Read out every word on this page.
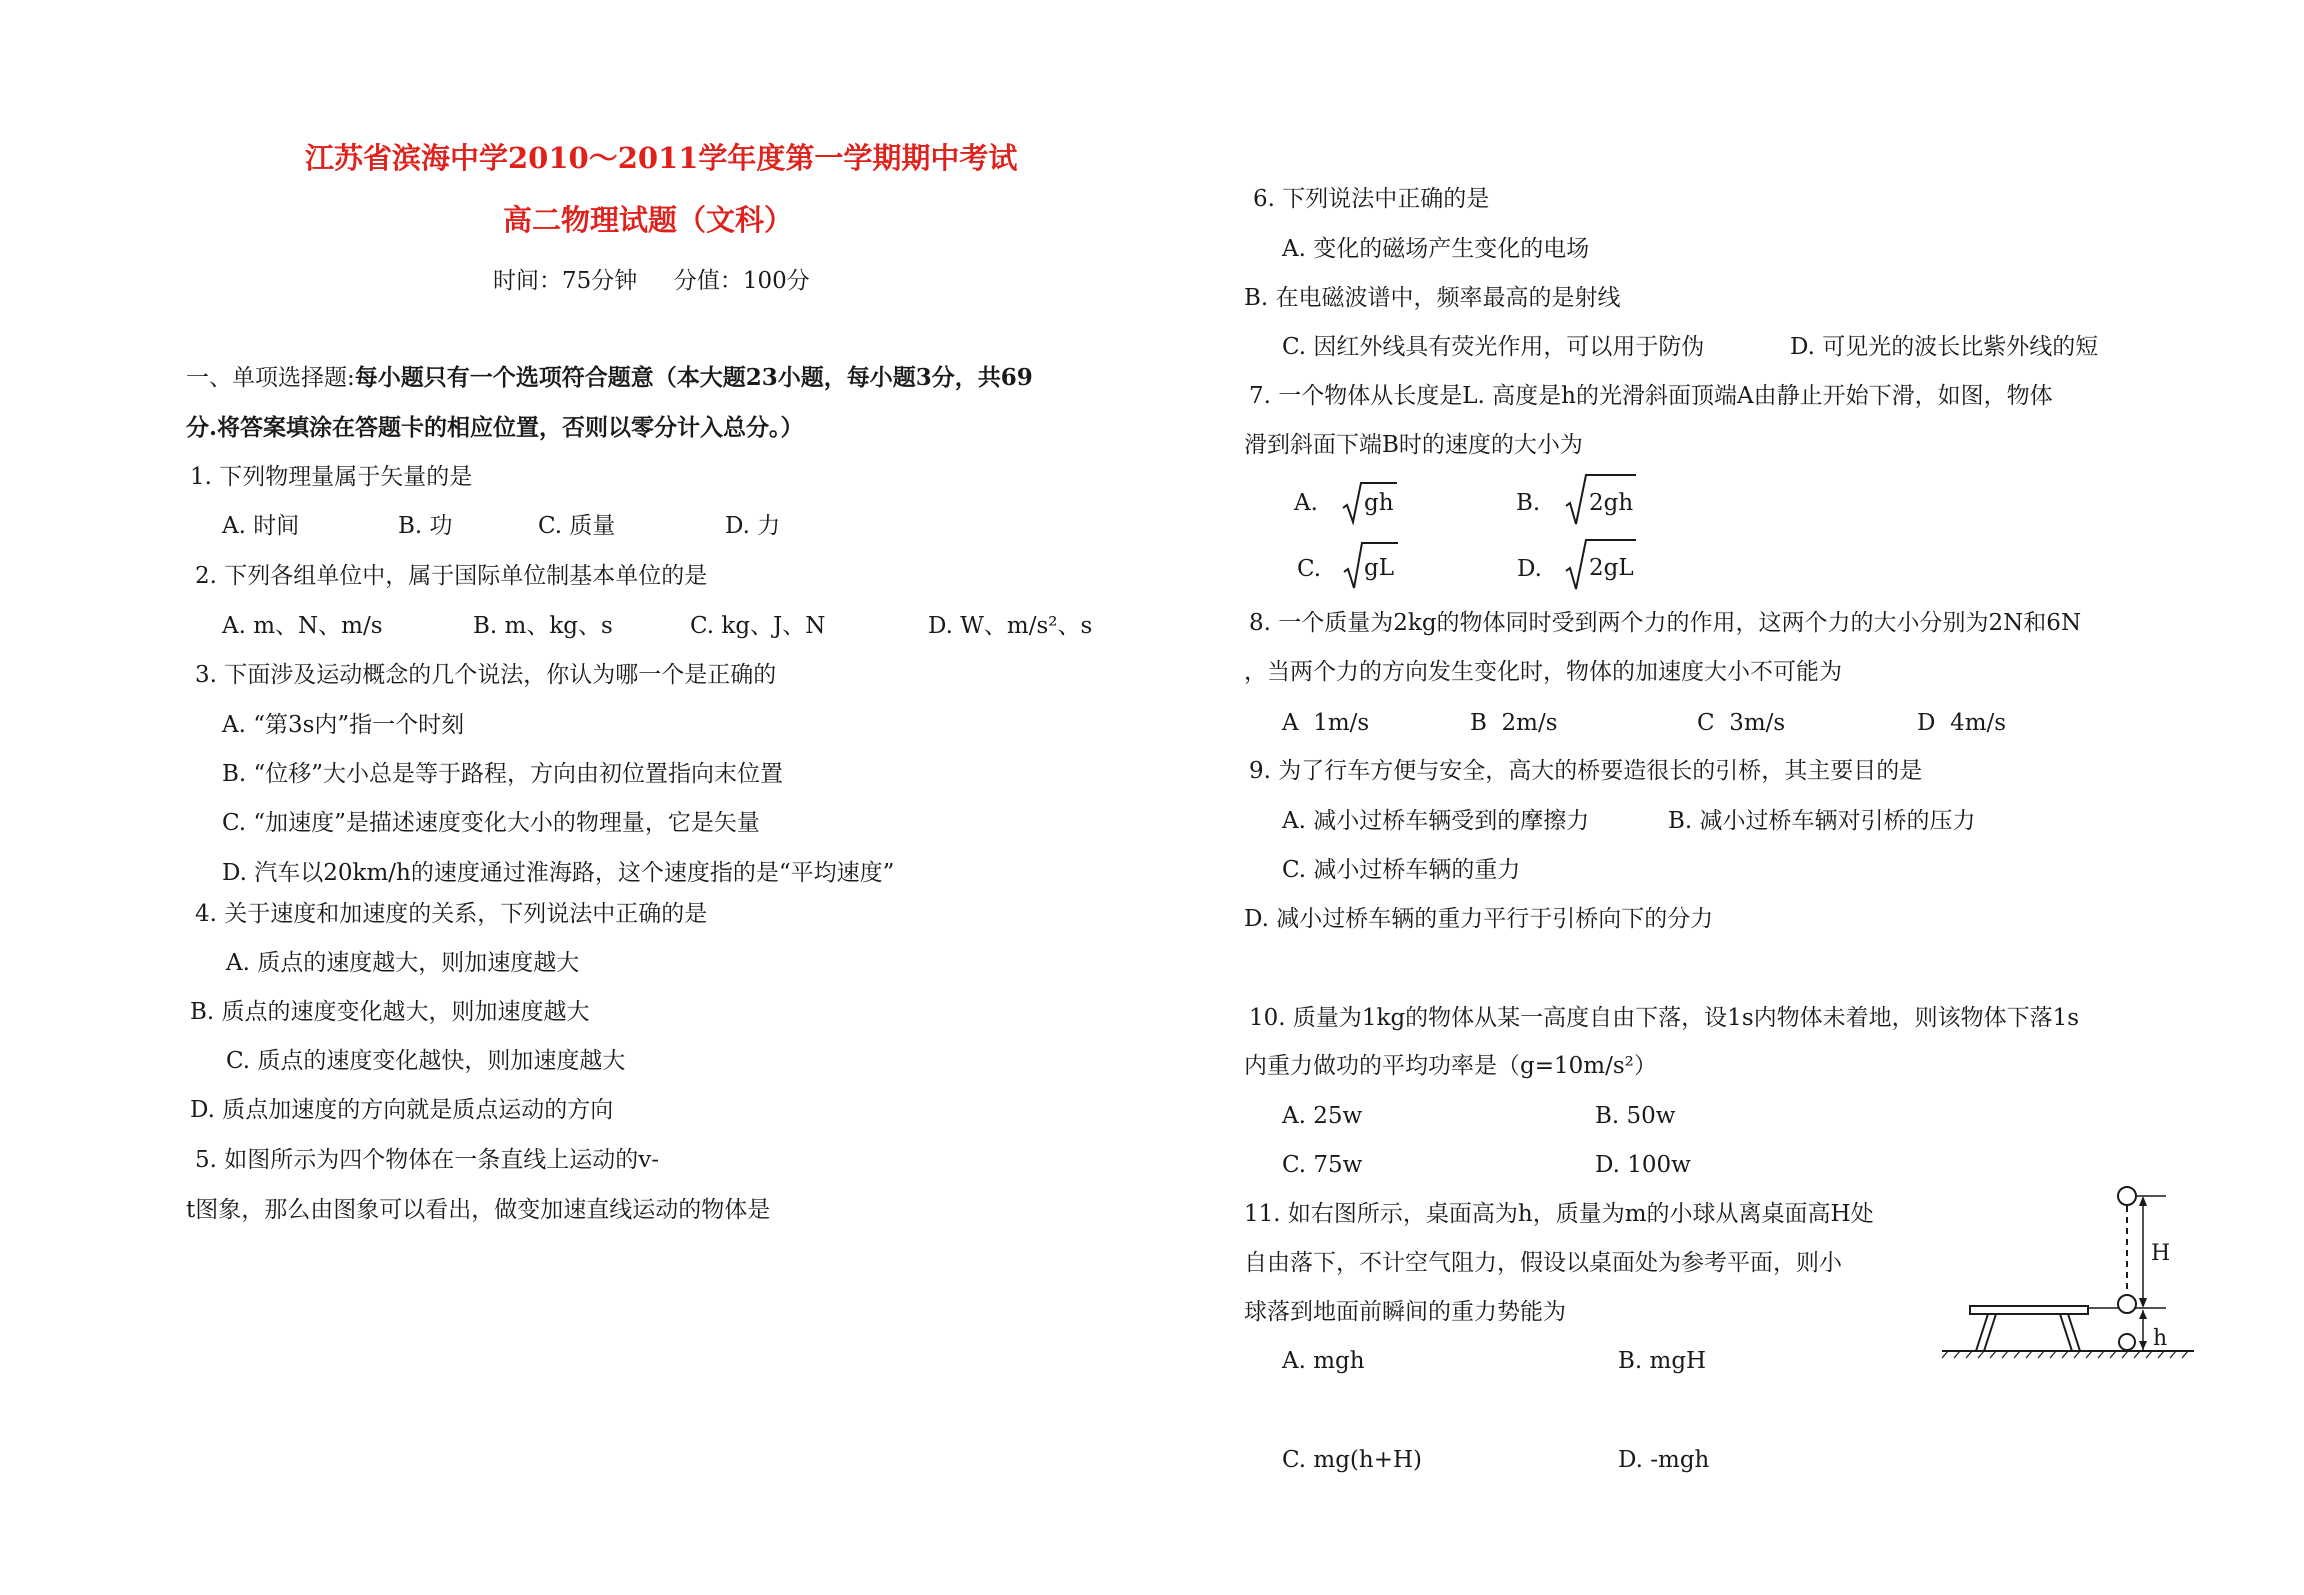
江苏省滨海中学2010～2011学年度第一学期期中考试
高二物理试题（文科）
时间：75分钟     分值：100分
一、单项选择题:每小题只有一个选项符合题意（本大题23小题，每小题3分，共69
分.将答案填涂在答题卡的相应位置，否则以零分计入总分。）
1. 下列物理量属于矢量的是
A. 时间	B. 功	C. 质量	D. 力
2. 下列各组单位中，属于国际单位制基本单位的是
A. m、N、m/s	B. m、kg、s	C. kg、J、N	D. W、m/s²、s
3. 下面涉及运动概念的几个说法，你认为哪一个是正确的
A. “第3s内”指一个时刻
B. “位移”大小总是等于路程，方向由初位置指向末位置
C. “加速度”是描述速度变化大小的物理量，它是矢量
D. 汽车以20km/h的速度通过淮海路，这个速度指的是“平均速度”
4. 关于速度和加速度的关系，下列说法中正确的是
A. 质点的速度越大，则加速度越大
B. 质点的速度变化越大，则加速度越大
C. 质点的速度变化越快，则加速度越大
D. 质点加速度的方向就是质点运动的方向
5. 如图所示为四个物体在一条直线上运动的v-
t图象，那么由图象可以看出，做变加速直线运动的物体是
6. 下列说法中正确的是
A. 变化的磁场产生变化的电场
B. 在电磁波谱中，频率最高的是射线
C. 因红外线具有荧光作用，可以用于防伪	D. 可见光的波长比紫外线的短
7. 一个物体从长度是L. 高度是h的光滑斜面顶端A由静止开始下滑，如图，物体
滑到斜面下端B时的速度的大小为
A. gh	B. 2gh
C. gL	D. 2gL
8. 一个质量为2kg的物体同时受到两个力的作用，这两个力的大小分别为2N和6N
，当两个力的方向发生变化时，物体的加速度大小不可能为
A  1m/s	B  2m/s	C  3m/s	D  4m/s
9. 为了行车方便与安全，高大的桥要造很长的引桥，其主要目的是
A. 减小过桥车辆受到的摩擦力	B. 减小过桥车辆对引桥的压力
C. 减小过桥车辆的重力
D. 减小过桥车辆的重力平行于引桥向下的分力
10. 质量为1kg的物体从某一高度自由下落，设1s内物体未着地，则该物体下落1s
内重力做功的平均功率是（g=10m/s²）
A. 25w	B. 50w
C. 75w	D. 100w
11. 如右图所示，桌面高为h，质量为m的小球从离桌面高H处
自由落下，不计空气阻力，假设以桌面处为参考平面，则小
球落到地面前瞬间的重力势能为
A. mgh	B. mgH
C. mg(h+H)	D. -mgh
H
h
